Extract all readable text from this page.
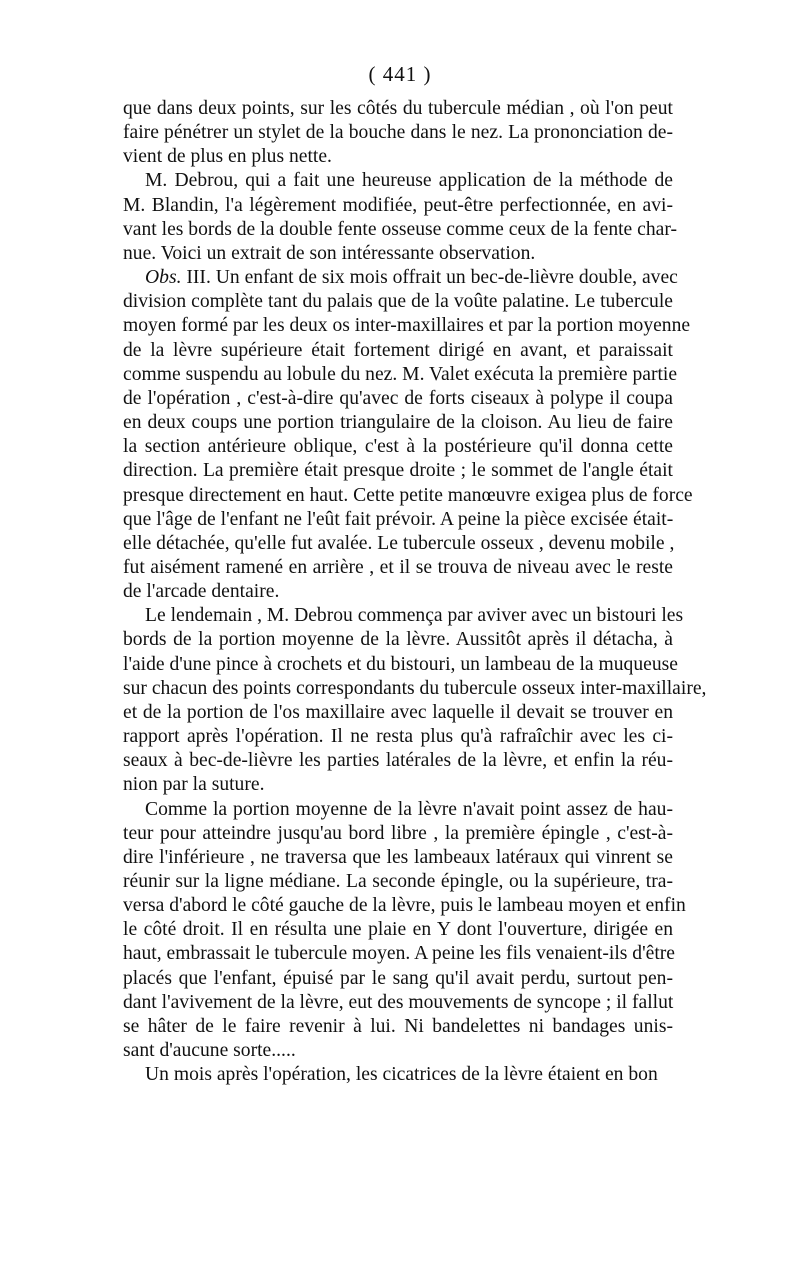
( 441 )

que dans deux points, sur les côtés du tubercule médian , où l'on peut
faire pénétrer un stylet de la bouche dans le nez. La prononciation de-
vient de plus en plus nette.

M. Debrou, qui a fait une heureuse application de la méthode de
M. Blandin, l'a légèrement modifiée, peut-être perfectionnée, en avi-
vant les bords de la double fente osseuse comme ceux de la fente char-
nue. Voici un extrait de son intéressante observation.

Obs. III. Un enfant de six mois offrait un bec-de-lièvre double, avec
division complète tant du palais que de la voûte palatine. Le tubercule
moyen formé par les deux os inter-maxillaires et par la portion moyenne
de la lèvre supérieure était fortement dirigé en avant, et paraissait
comme suspendu au lobule du nez. M. Valet exécuta la première partie
de l'opération , c'est-à-dire qu'avec de forts ciseaux à polype il coupa
en deux coups une portion triangulaire de la cloison. Au lieu de faire
la section antérieure oblique, c'est à la postérieure qu'il donna cette
direction. La première était presque droite ; le sommet de l'angle était
presque directement en haut. Cette petite manœuvre exigea plus de force
que l'âge de l'enfant ne l'eût fait prévoir. A peine la pièce excisée était-
elle détachée, qu'elle fut avalée. Le tubercule osseux , devenu mobile ,
fut aisément ramené en arrière , et il se trouva de niveau avec le reste
de l'arcade dentaire.

Le lendemain , M. Debrou commença par aviver avec un bistouri les
bords de la portion moyenne de la lèvre. Aussitôt après il détacha, à
l'aide d'une pince à crochets et du bistouri, un lambeau de la muqueuse
sur chacun des points correspondants du tubercule osseux inter-maxillaire,
et de la portion de l'os maxillaire avec laquelle il devait se trouver en
rapport après l'opération. Il ne resta plus qu'à rafraîchir avec les ci-
seaux à bec-de-lièvre les parties latérales de la lèvre, et enfin la réu-
nion par la suture.

Comme la portion moyenne de la lèvre n'avait point assez de hau-
teur pour atteindre jusqu'au bord libre , la première épingle , c'est-à-
dire l'inférieure , ne traversa que les lambeaux latéraux qui vinrent se
réunir sur la ligne médiane. La seconde épingle, ou la supérieure, tra-
versa d'abord le côté gauche de la lèvre, puis le lambeau moyen et enfin
le côté droit. Il en résulta une plaie en Y dont l'ouverture, dirigée en
haut, embrassait le tubercule moyen. A peine les fils venaient-ils d'être
placés que l'enfant, épuisé par le sang qu'il avait perdu, surtout pen-
dant l'avivement de la lèvre, eut des mouvements de syncope ; il fallut
se hâter de le faire revenir à lui. Ni bandelettes ni bandages unis-
sant d'aucune sorte.....

Un mois après l'opération, les cicatrices de la lèvre étaient en bon
